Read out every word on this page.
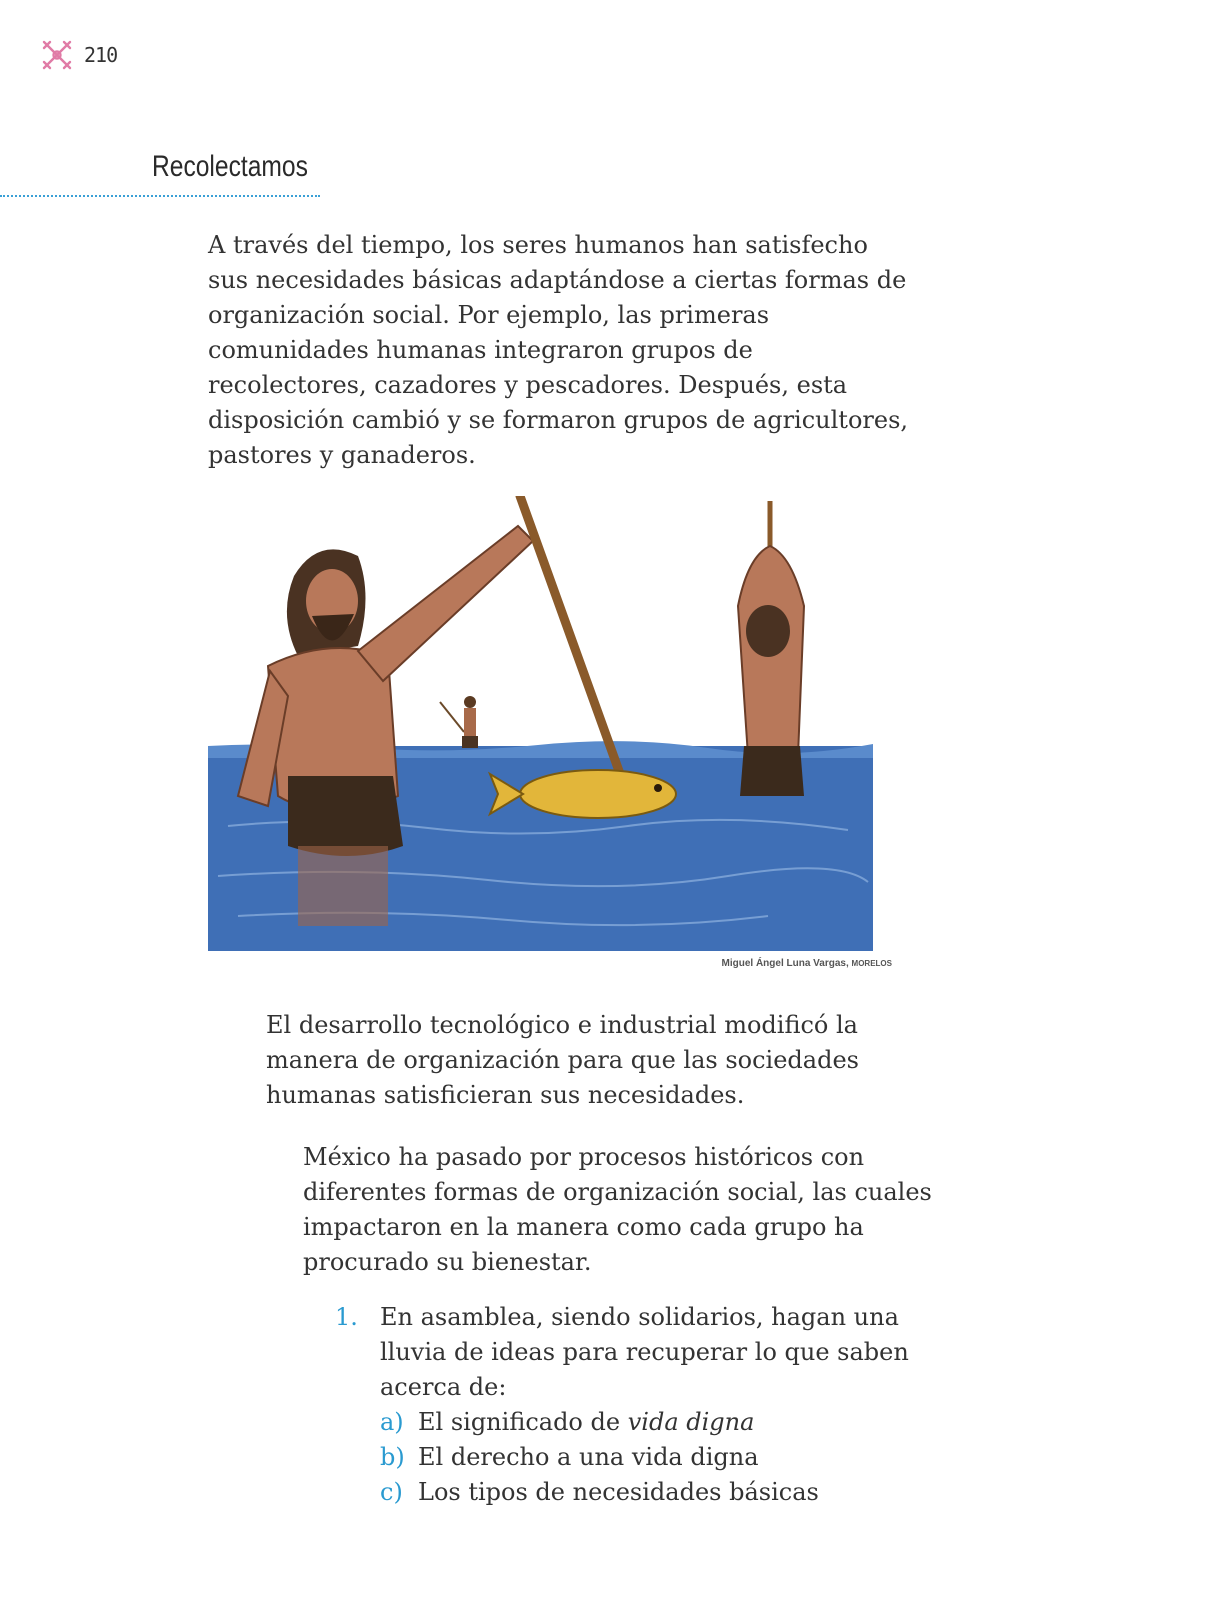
210
Recolectamos

A través del tiempo, los seres humanos han satisfecho sus necesidades básicas adaptándose a ciertas formas de organización social. Por ejemplo, las primeras comunidades humanas integraron grupos de recolectores, cazadores y pescadores. Después, esta disposición cambió y se formaron grupos de agricultores, pastores y ganaderos.

Miguel Ángel Luna Vargas, MORELOS

El desarrollo tecnológico e industrial modificó la manera de organización para que las sociedades humanas satisficieran sus necesidades.

México ha pasado por procesos históricos con diferentes formas de organización social, las cuales impactaron en la manera como cada grupo ha procurado su bienestar.

1. En asamblea, siendo solidarios, hagan una lluvia de ideas para recuperar lo que saben acerca de:
a) El significado de vida digna
b) El derecho a una vida digna
c) Los tipos de necesidades básicas
